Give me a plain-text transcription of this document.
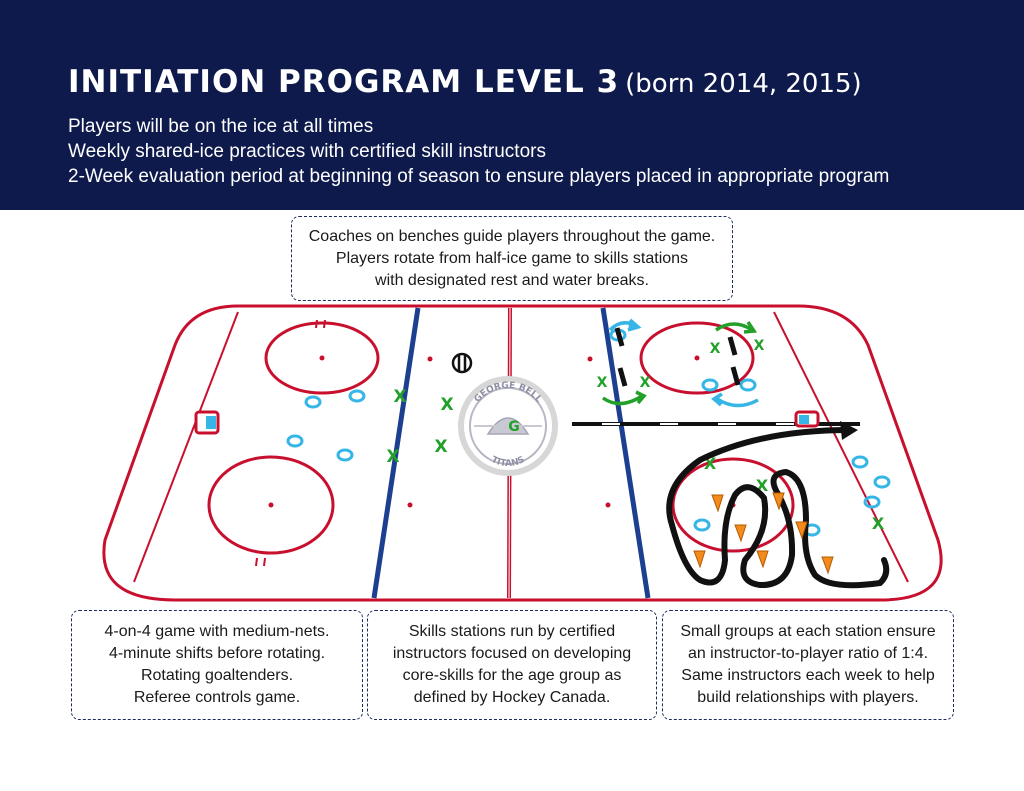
INITIATION PROGRAM LEVEL 3 (born 2014, 2015)
Players will be on the ice at all times
Weekly shared-ice practices with certified skill instructors
2-Week evaluation period at beginning of season to ensure players placed in appropriate program
GEORGE BELL
TITANS
G
X X
X
X
X X
X X
X
X
X
Coaches on benches guide players throughout the game.
Players rotate from half-ice game to skills stations
with designated rest and water breaks.
4-on-4 game with medium-nets.
4-minute shifts before rotating.
Rotating goaltenders.
Referee controls game.
Skills stations run by certified
instructors focused on developing
core-skills for the age group as
defined by Hockey Canada.
Small groups at each station ensure
an instructor-to-player ratio of 1:4.
Same instructors each week to help
build relationships with players.
